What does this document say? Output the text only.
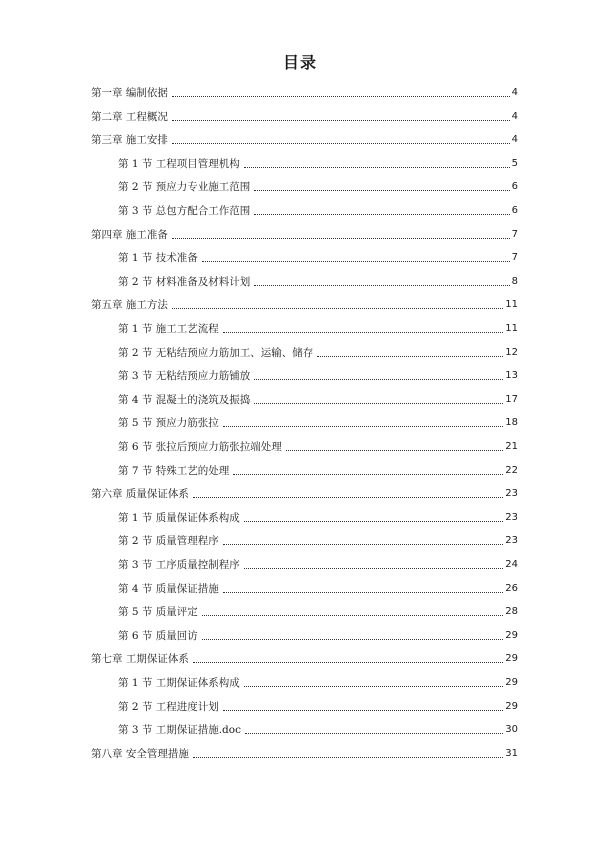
目录
第一章 编制依据	4
第二章 工程概况	4
第三章 施工安排	4
第 1 节 工程项目管理机构	5
第 2 节 预应力专业施工范围	6
第 3 节 总包方配合工作范围	6
第四章 施工准备	7
第 1 节 技术准备	7
第 2 节 材料准备及材料计划	8
第五章 施工方法	11
第 1 节 施工工艺流程	11
第 2 节 无粘结预应力筋加工、运输、储存	12
第 3 节 无粘结预应力筋铺放	13
第 4 节 混凝土的浇筑及振捣	17
第 5 节 预应力筋张拉	18
第 6 节 张拉后预应力筋张拉端处理	21
第 7 节 特殊工艺的处理	22
第六章 质量保证体系	23
第 1 节 质量保证体系构成	23
第 2 节 质量管理程序	23
第 3 节 工序质量控制程序	24
第 4 节 质量保证措施	26
第 5 节 质量评定	28
第 6 节 质量回访	29
第七章 工期保证体系	29
第 1 节 工期保证体系构成	29
第 2 节 工程进度计划	29
第 3 节 工期保证措施.doc	30
第八章 安全管理措施	31
